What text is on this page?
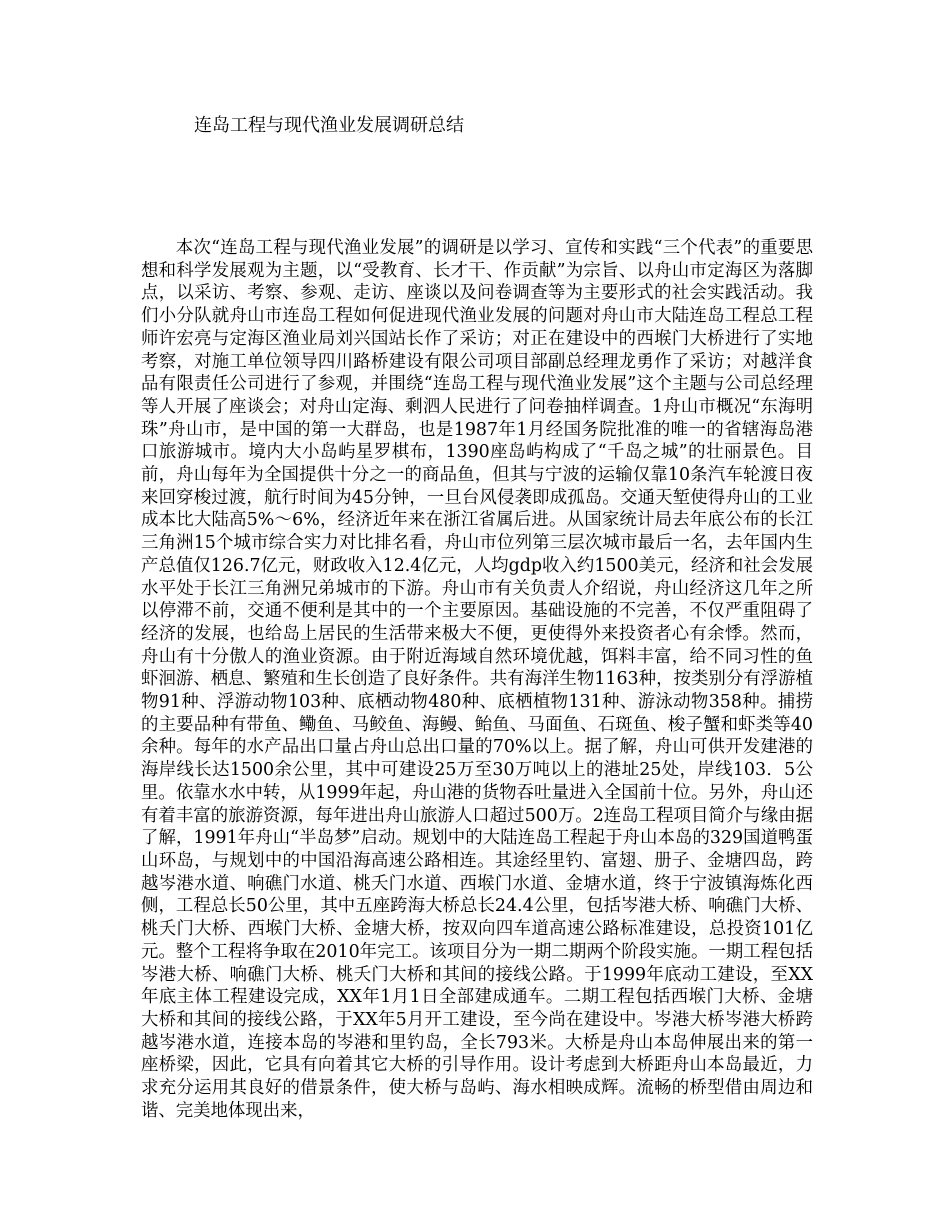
连岛工程与现代渔业发展调研总结

本次“连岛工程与现代渔业发展”的调研是以学习、宣传和实践“三个代表”的重要思想和科学发展观为主题，以“受教育、长才干、作贡献”为宗旨、以舟山市定海区为落脚点，以采访、考察、参观、走访、座谈以及问卷调查等为主要形式的社会实践活动。我们小分队就舟山市连岛工程如何促进现代渔业发展的问题对舟山市大陆连岛工程总工程师许宏亮与定海区渔业局刘兴国站长作了采访；对正在建设中的西堠门大桥进行了实地考察，对施工单位领导四川路桥建设有限公司项目部副总经理龙勇作了采访；对越洋食品有限责任公司进行了参观，并围绕“连岛工程与现代渔业发展”这个主题与公司总经理等人开展了座谈会；对舟山定海、剩泗人民进行了问卷抽样调查。1舟山市概况“东海明珠”舟山市，是中国的第一大群岛，也是1987年1月经国务院批准的唯一的省辖海岛港口旅游城市。境内大小岛屿星罗棋布，1390座岛屿构成了“千岛之城”的壮丽景色。目前，舟山每年为全国提供十分之一的商品鱼，但其与宁波的运输仅靠10条汽车轮渡日夜来回穿梭过渡，航行时间为45分钟，一旦台风侵袭即成孤岛。交通天堑使得舟山的工业成本比大陆高5%～6%，经济近年来在浙江省属后进。从国家统计局去年底公布的长江三角洲15个城市综合实力对比排名看，舟山市位列第三层次城市最后一名，去年国内生产总值仅126.7亿元，财政收入12.4亿元，人均gdp收入约1500美元，经济和社会发展水平处于长江三角洲兄弟城市的下游。舟山市有关负责人介绍说，舟山经济这几年之所以停滞不前，交通不便利是其中的一个主要原因。基础设施的不完善，不仅严重阻碍了经济的发展，也给岛上居民的生活带来极大不便，更使得外来投资者心有余悸。然而，舟山有十分傲人的渔业资源。由于附近海域自然环境优越，饵料丰富，给不同习性的鱼虾洄游、栖息、繁殖和生长创造了良好条件。共有海洋生物1163种，按类别分有浮游植物91种、浮游动物103种、底栖动物480种、底栖植物131种、游泳动物358种。捕捞的主要品种有带鱼、鳓鱼、马鲛鱼、海鳗、鲐鱼、马面鱼、石斑鱼、梭子蟹和虾类等40余种。每年的水产品出口量占舟山总出口量的70%以上。据了解，舟山可供开发建港的海岸线长达1500余公里，其中可建设25万至30万吨以上的港址25处，岸线103．5公里。依靠水水中转，从1999年起，舟山港的货物吞吐量进入全国前十位。另外，舟山还有着丰富的旅游资源，每年进出舟山旅游人口超过500万。2连岛工程项目简介与缘由据了解，1991年舟山“半岛梦”启动。规划中的大陆连岛工程起于舟山本岛的329国道鸭蛋山环岛，与规划中的中国沿海高速公路相连。其途经里钓、富翅、册子、金塘四岛，跨越岑港水道、响礁门水道、桃夭门水道、西堠门水道、金塘水道，终于宁波镇海炼化西侧，工程总长50公里，其中五座跨海大桥总长24.4公里，包括岑港大桥、响礁门大桥、桃夭门大桥、西堠门大桥、金塘大桥，按双向四车道高速公路标准建设，总投资101亿元。整个工程将争取在2010年完工。该项目分为一期二期两个阶段实施。一期工程包括岑港大桥、响礁门大桥、桃夭门大桥和其间的接线公路。于1999年底动工建设，至XX年底主体工程建设完成，XX年1月1日全部建成通车。二期工程包括西堠门大桥、金塘大桥和其间的接线公路，于XX年5月开工建设，至今尚在建设中。岑港大桥岑港大桥跨越岑港水道，连接本岛的岑港和里钓岛，全长793米。大桥是舟山本岛伸展出来的第一座桥梁，因此，它具有向着其它大桥的引导作用。设计考虑到大桥距舟山本岛最近，力求充分运用其良好的借景条件，使大桥与岛屿、海水相映成辉。流畅的桥型借由周边和谐、完美地体现出来，
